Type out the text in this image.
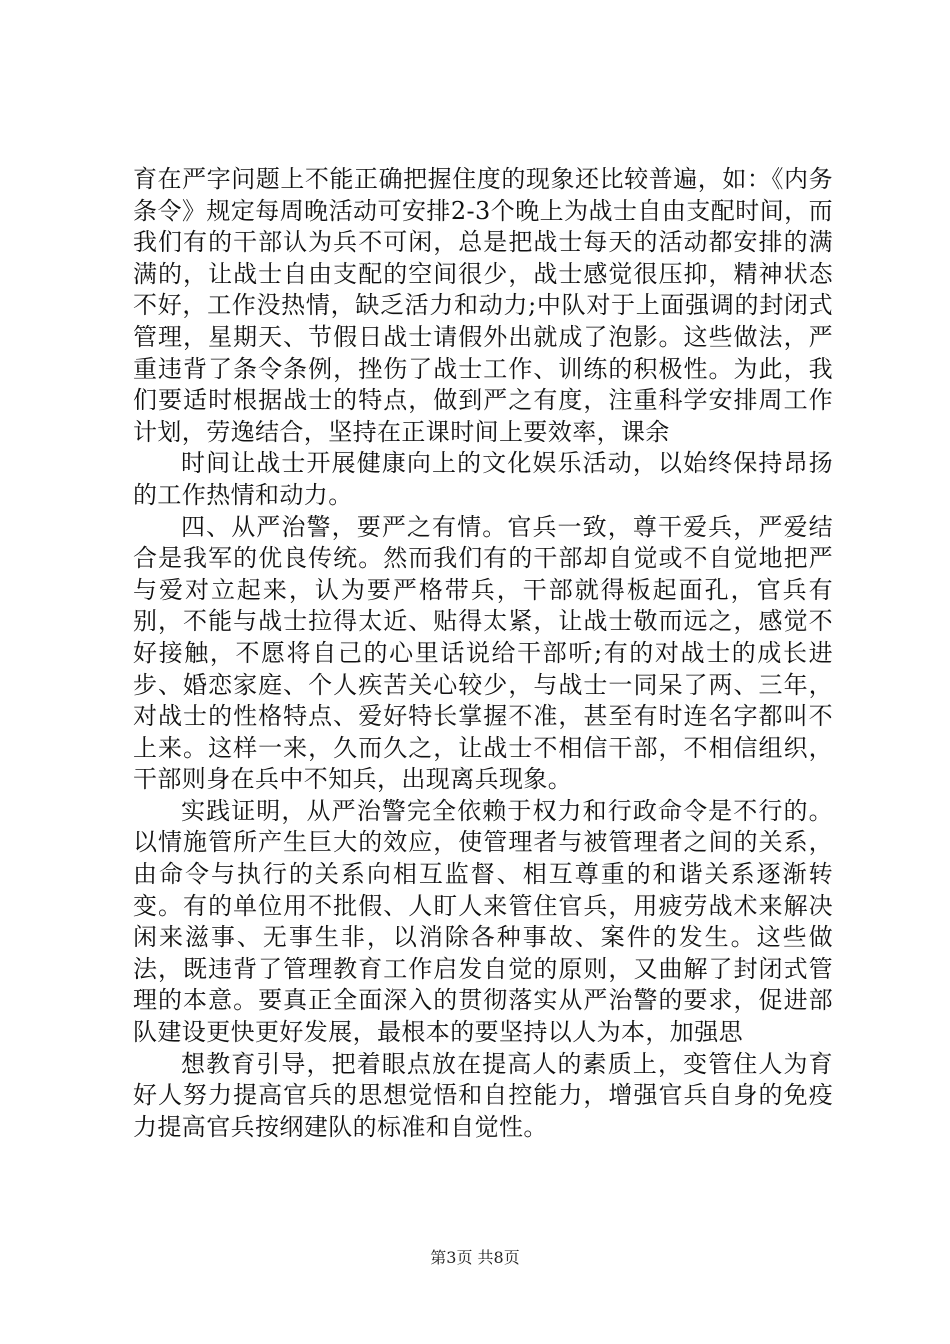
育在严字问题上不能正确把握住度的现象还比较普遍，如：《内务条令》规定每周晚活动可安排2-3个晚上为战士自由支配时间，而我们有的干部认为兵不可闲，总是把战士每天的活动都安排的满满的，让战士自由支配的空间很少，战士感觉很压抑，精神状态不好，工作没热情，缺乏活力和动力;中队对于上面强调的封闭式管理，星期天、节假日战士请假外出就成了泡影。这些做法，严重违背了条令条例，挫伤了战士工作、训练的积极性。为此，我们要适时根据战士的特点，做到严之有度，注重科学安排周工作计划，劳逸结合，坚持在正课时间上要效率，课余

时间让战士开展健康向上的文化娱乐活动，以始终保持昂扬的工作热情和动力。

四、从严治警，要严之有情。官兵一致，尊干爱兵，严爱结合是我军的优良传统。然而我们有的干部却自觉或不自觉地把严与爱对立起来，认为要严格带兵，干部就得板起面孔，官兵有别，不能与战士拉得太近、贴得太紧，让战士敬而远之，感觉不好接触，不愿将自己的心里话说给干部听;有的对战士的成长进步、婚恋家庭、个人疾苦关心较少，与战士一同呆了两、三年，对战士的性格特点、爱好特长掌握不准，甚至有时连名字都叫不上来。这样一来，久而久之，让战士不相信干部，不相信组织，干部则身在兵中不知兵，出现离兵现象。

实践证明，从严治警完全依赖于权力和行政命令是不行的。以情施管所产生巨大的效应，使管理者与被管理者之间的关系，由命令与执行的关系向相互监督、相互尊重的和谐关系逐渐转变。有的单位用不批假、人盯人来管住官兵，用疲劳战术来解决闲来滋事、无事生非，以消除各种事故、案件的发生。这些做法，既违背了管理教育工作启发自觉的原则，又曲解了封闭式管理的本意。要真正全面深入的贯彻落实从严治警的要求，促进部队建设更快更好发展，最根本的要坚持以人为本，加强思

想教育引导，把着眼点放在提高人的素质上，变管住人为育好人努力提高官兵的思想觉悟和自控能力，增强官兵自身的免疫力提高官兵按纲建队的标准和自觉性。

第3页 共8页
